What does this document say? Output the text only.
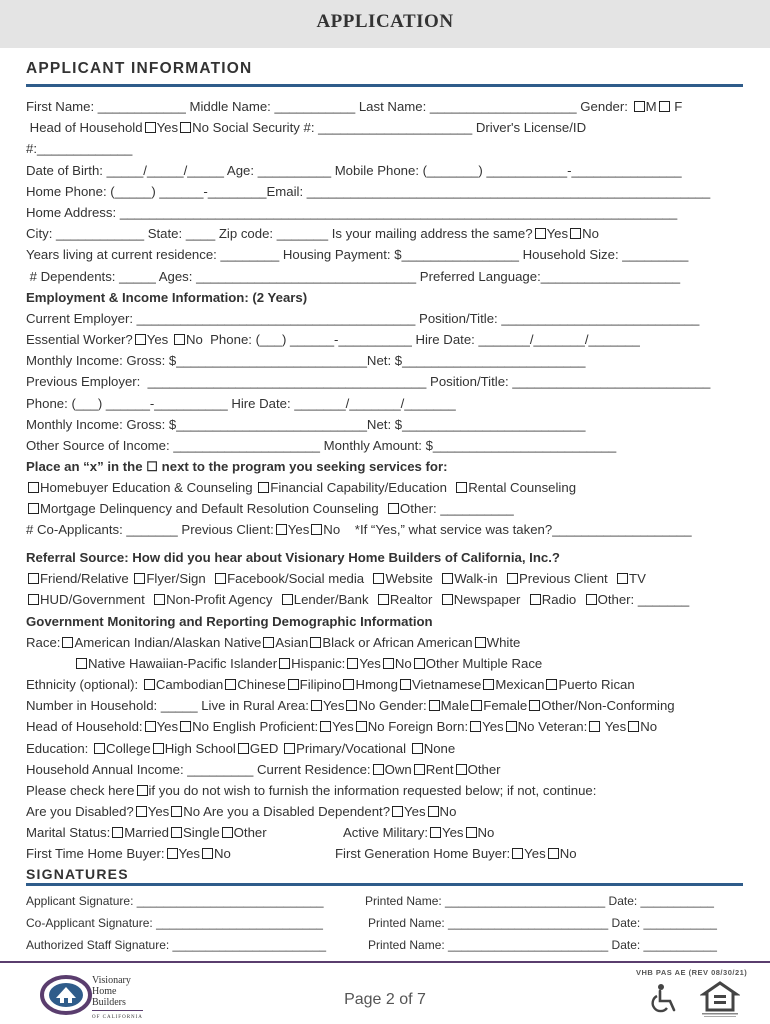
APPLICATION
APPLICANT INFORMATION
First Name: ____________ Middle Name: ___________ Last Name: ____________________ Gender: M F
Head of Household Yes No Social Security #: _____________________ Driver's License/ID
#:_____________
Date of Birth: _____/_____/_____ Age: __________ Mobile Phone: (_______) ___________-_______________
Home Phone: (_____) ______-________Email: _______________________________________________________
Home Address: ____________________________________________________________________________
City: ____________ State: ____ Zip code: _______ Is your mailing address the same? Yes No
Years living at current residence: ________ Housing Payment: $________________ Household Size: _________
# Dependents: _____ Ages: ______________________________ Preferred Language:___________________
Employment & Income Information: (2 Years)
Current Employer: ______________________________________ Position/Title: ___________________________
Essential Worker? Yes No  Phone: (___) ______-__________ Hire Date: _______/_______/_______
Monthly Income: Gross: $__________________________Net: $_________________________
Previous Employer:  ______________________________________ Position/Title: ___________________________
Phone: (___) ______-__________ Hire Date: _______/_______/_______
Monthly Income: Gross: $__________________________Net: $_________________________
Other Source of Income: ____________________ Monthly Amount: $_________________________
Place an “x” in the ☐ next to the program you seeking services for:
Homebuyer Education & Counseling Financial Capability/Education  Rental Counseling
Mortgage Delinquency and Default Resolution Counseling  Other: __________
# Co-Applicants: _______ Previous Client: Yes No    *If “Yes,” what service was taken?___________________
Referral Source: How did you hear about Visionary Home Builders of California, Inc.?
Friend/Relative Flyer/Sign  Facebook/Social media  Website  Walk-in  Previous Client  TV
HUD/Government  Non-Profit Agency  Lender/Bank  Realtor  Newspaper  Radio  Other: _______
Government Monitoring and Reporting Demographic Information
Race: American Indian/Alaskan Native Asian Black or African American White
Native Hawaiian-Pacific Islander Hispanic: Yes No Other Multiple Race
Ethnicity (optional): Cambodian Chinese Filipino Hmong Vietnamese Mexican Puerto Rican
Number in Household: _____ Live in Rural Area: Yes No Gender: Male Female Other/Non-Conforming
Head of Household: Yes No English Proficient: Yes No Foreign Born: Yes No Veteran: Yes No
Education: College High School GED Primary/Vocational None
Household Annual Income: _________ Current Residence: Own Rent Other
Please check here if you do not wish to furnish the information requested below; if not, continue:
Are you Disabled? Yes No Are you a Disabled Dependent? Yes No
Marital Status: Married Single Other	Active Military: Yes No
First Time Home Buyer: Yes No	First Generation Home Buyer: Yes No
SIGNATURES
Applicant Signature: ____________________________	Printed Name: ________________________ Date: ___________
Co-Applicant Signature: _________________________	Printed Name: ________________________ Date: ___________
Authorized Staff Signature: _______________________	Printed Name: ________________________ Date: ___________
Visionary
Home
Builders
OF CALIFORNIA
Page 2 of 7
VHB PAS AE (REV 08/30/21)
